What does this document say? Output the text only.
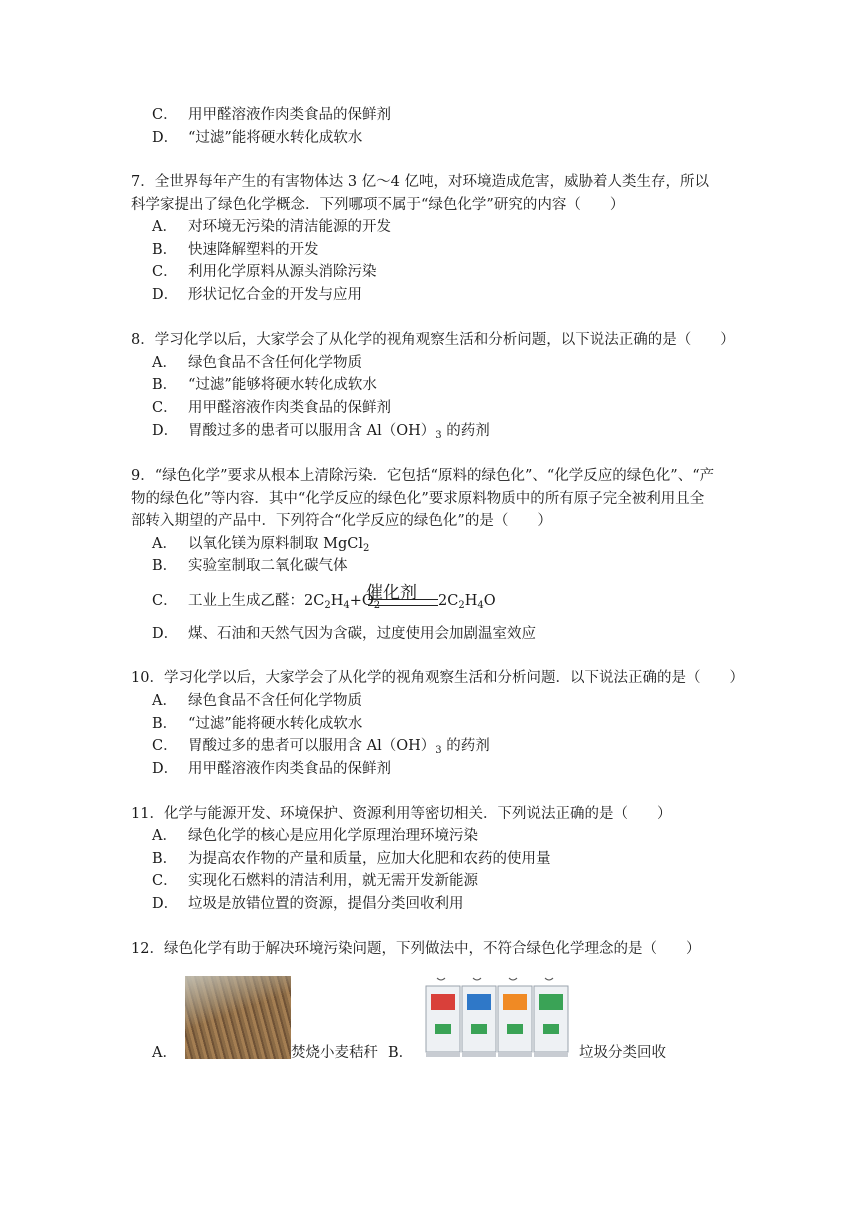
C． 用甲醛溶液作肉类食品的保鲜剂
D． “过滤”能将硬水转化成软水
7．全世界每年产生的有害物体达 3 亿～4 亿吨，对环境造成危害，威胁着人类生存，所以
科学家提出了绿色化学概念．下列哪项不属于“绿色化学”研究的内容（　　）
A． 对环境无污染的清洁能源的开发
B． 快速降解塑料的开发
C． 利用化学原料从源头消除污染
D． 形状记忆合金的开发与应用
8．学习化学以后，大家学会了从化学的视角观察生活和分析问题，以下说法正确的是（　　）
A． 绿色食品不含任何化学物质
B． “过滤”能够将硬水转化成软水
C． 用甲醛溶液作肉类食品的保鲜剂
D． 胃酸过多的患者可以服用含 $Al(OH)_3$ 的药剂
9．“绿色化学”要求从根本上清除污染．它包括“原料的绿色化”、“化学反应的绿色化”、“产
物的绿色化”等内容．其中“化学反应的绿色化”要求原料物质中的所有原子完全被利用且全
部转入期望的产品中．下列符合“化学反应的绿色化”的是（　　）
A． 以氧化镁为原料制取 MgCl$_2$
B． 实验室制取二氧化碳气体
C．	催化剂
工业上生成乙醛：$2C_2H_4+O_2$	$2C_2H_4O$
D． 煤、石油和天然气因为含碳，过度使用会加剧温室效应
10．学习化学以后，大家学会了从化学的视角观察生活和分析问题．以下说法正确的是（　　）
A． 绿色食品不含任何化学物质
B． “过滤”能将硬水转化成软水
C． 胃酸过多的患者可以服用含 $Al(OH)_3$ 的药剂
D． 用甲醛溶液作肉类食品的保鲜剂
11．化学与能源开发、环境保护、资源利用等密切相关．下列说法正确的是（　　）
A． 绿色化学的核心是应用化学原理治理环境污染
B． 为提高农作物的产量和质量，应加大化肥和农药的使用量
C． 实现化石燃料的清洁利用，就无需开发新能源
D． 垃圾是放错位置的资源，提倡分类回收利用
12．绿色化学有助于解决环境污染问题，下列做法中，不符合绿色化学理念的是（　　）
A．	焚烧小麦秸秆 B．	垃圾分类回收
